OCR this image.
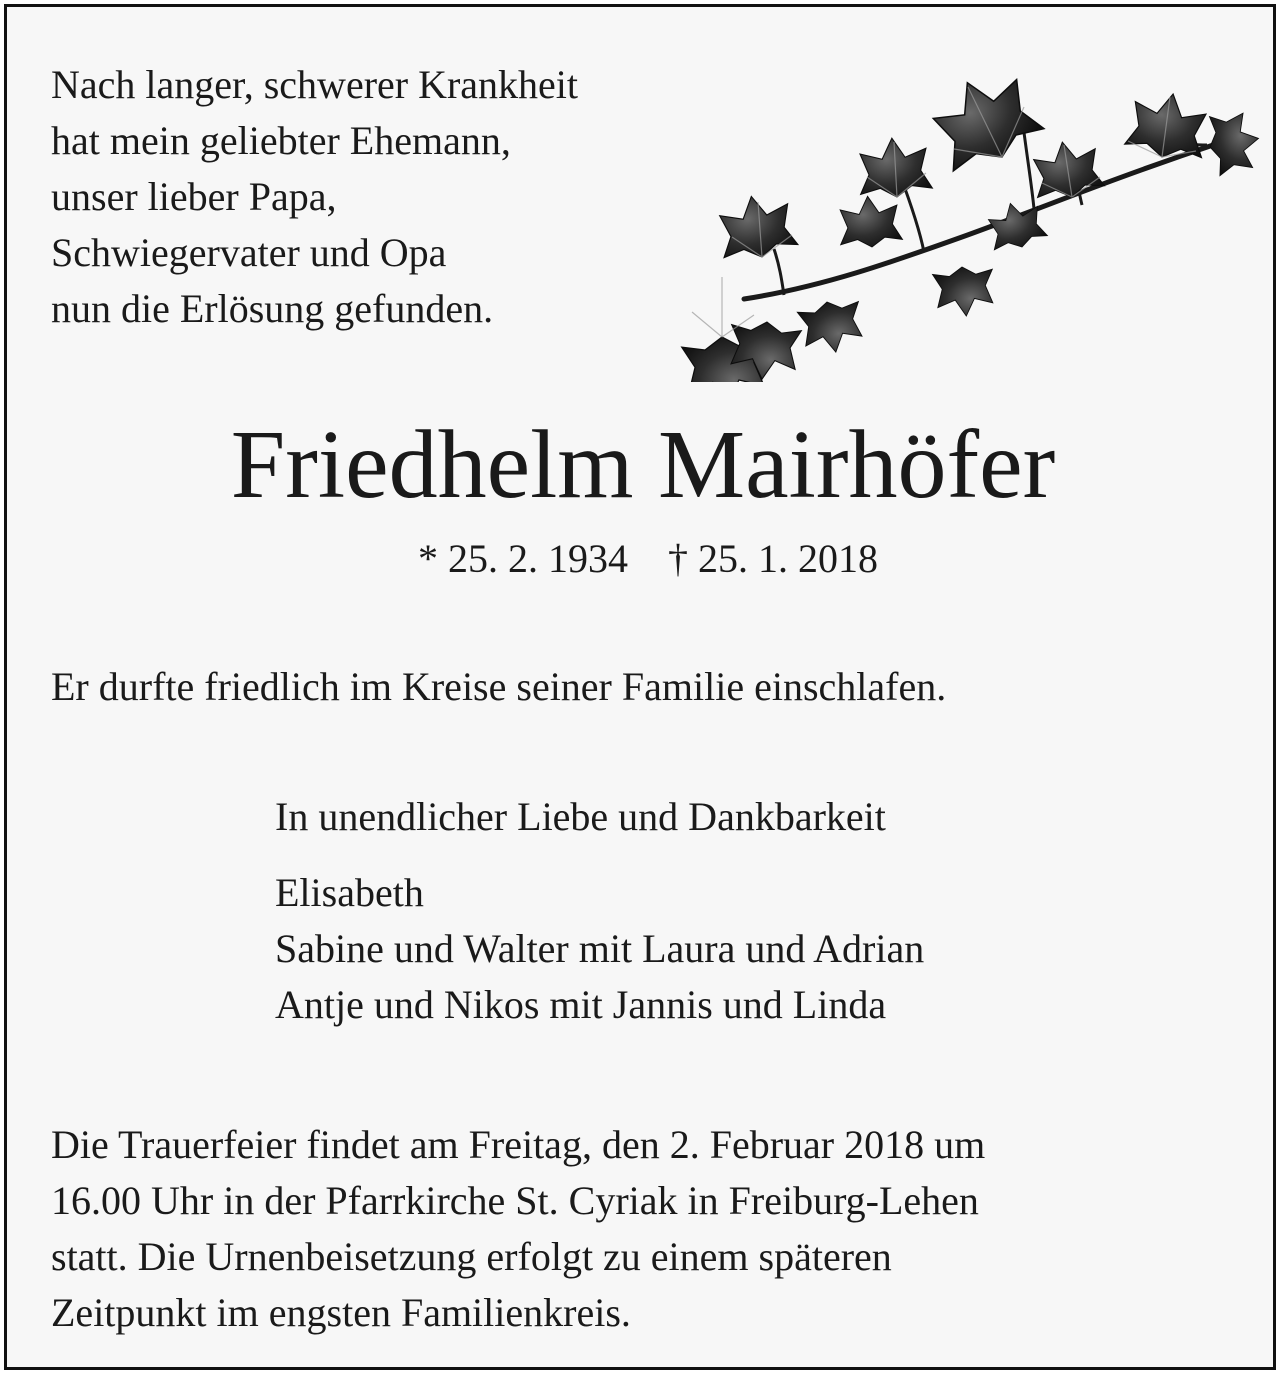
Nach langer, schwerer Krankheit
hat mein geliebter Ehemann,
unser lieber Papa,
Schwiegervater und Opa
nun die Erlösung gefunden.
Friedhelm Mairhöfer
* 25. 2. 1934 † 25. 1. 2018
Er durfte friedlich im Kreise seiner Familie einschlafen.
In unendlicher Liebe und Dankbarkeit
Elisabeth
Sabine und Walter mit Laura und Adrian
Antje und Nikos mit Jannis und Linda
Die Trauerfeier findet am Freitag, den 2. Februar 2018 um
16.00 Uhr in der Pfarrkirche St. Cyriak in Freiburg-Lehen
statt. Die Urnenbeisetzung erfolgt zu einem späteren
Zeitpunkt im engsten Familienkreis.
